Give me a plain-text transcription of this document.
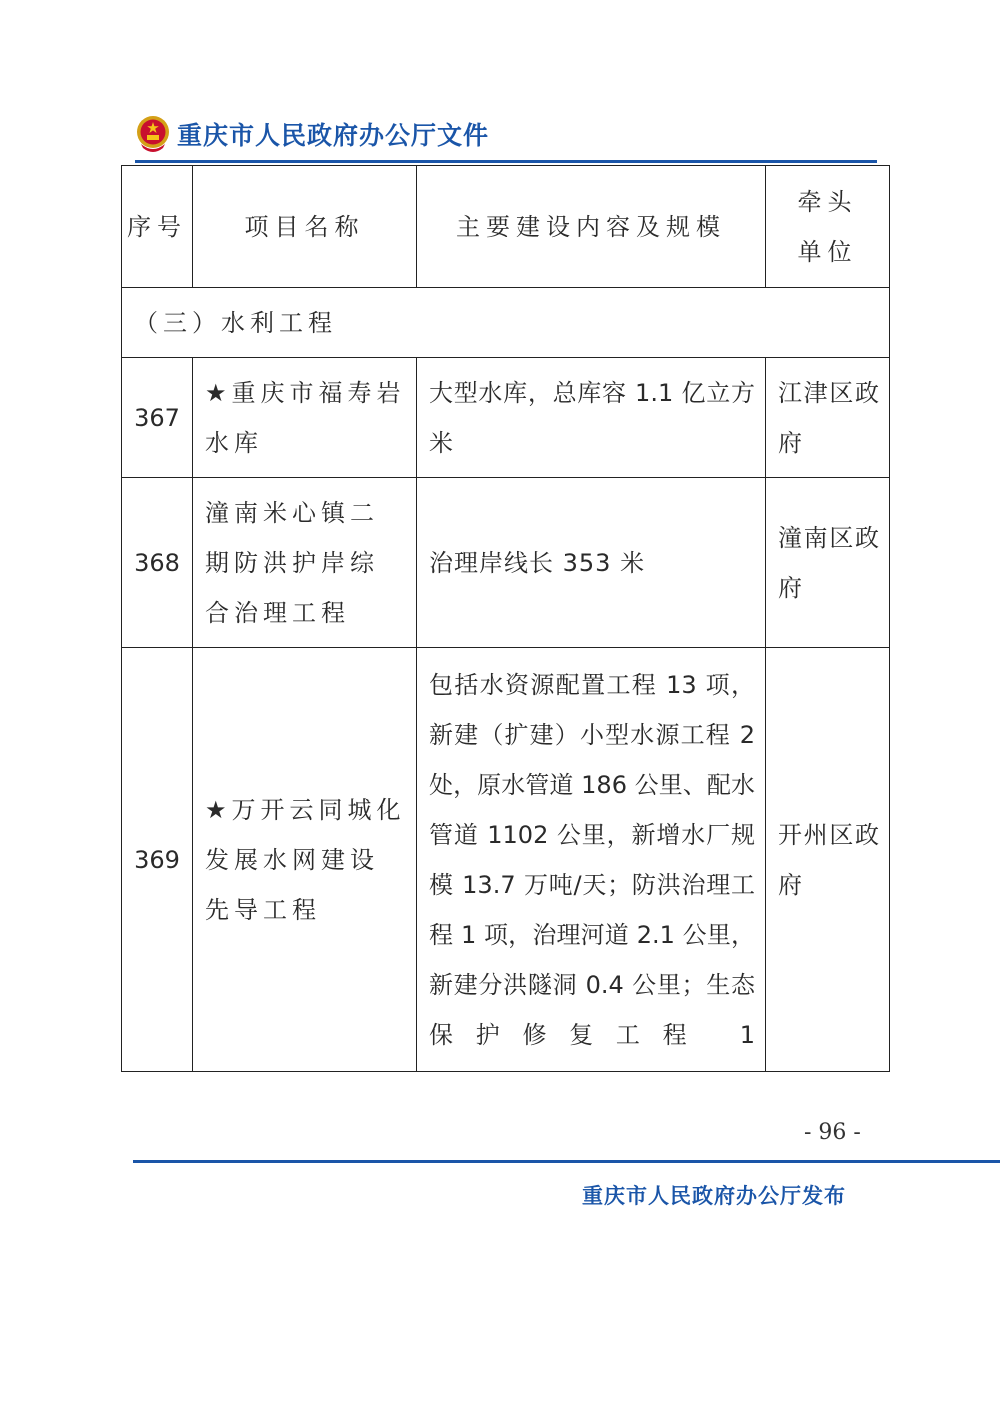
重庆市人民政府办公厅文件
序号	项目名称	主要建设内容及规模	牵头单位
（三）水利工程			
367	★重庆市福寿岩水库	大型水库，总库容 1.1 亿立方米	江津区政府
368	潼南米心镇二期防洪护岸综合治理工程	治理岸线长 353 米	潼南区政府
369	★万开云同城化发展水网建设先导工程	包括水资源配置工程 13 项，新建（扩建）小型水源工程 2 处，原水管道 186 公里、配水管道 1102 公里，新增水厂规模 13.7 万吨/天；防洪治理工程 1 项，治理河道 2.1 公里，新建分洪隧洞 0.4 公里；生态保护修复工程 1	开州区政府
- 96 -
重庆市人民政府办公厅发布
